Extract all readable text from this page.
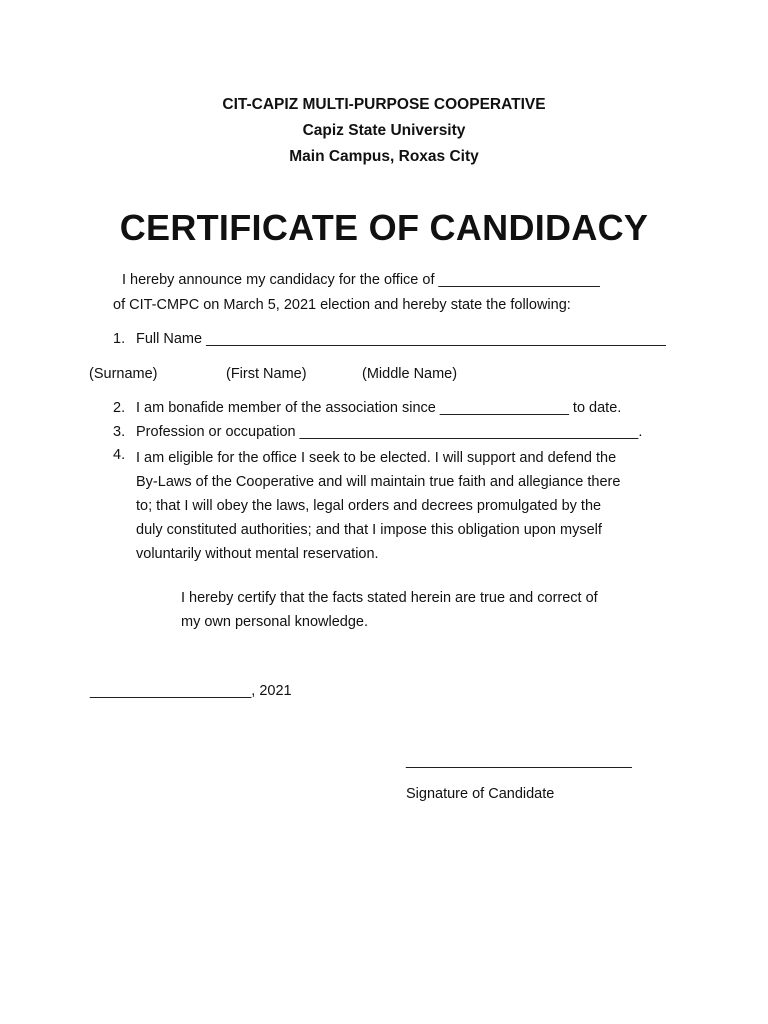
CIT-CAPIZ MULTI-PURPOSE COOPERATIVE
Capiz State University
Main Campus, Roxas City
CERTIFICATE OF CANDIDACY
I hereby announce my candidacy for the office of ____________________
of CIT-CMPC on March 5, 2021 election and hereby state the following:
1. Full Name _________________________________________________________
(Surname)	(First Name)	(Middle Name)
2. I am bonafide member of the association since ________________ to date.
3. Profession or occupation __________________________________________.
4. I am eligible for the office I seek to be elected. I will support and defend the
By-Laws of the Cooperative and will maintain true faith and allegiance there
to; that I will obey the laws, legal orders and decrees promulgated by the
duly constituted authorities; and that I impose this obligation upon myself
voluntarily without mental reservation.
I hereby certify that the facts stated herein are true and correct of
my own personal knowledge.
____________________, 2021
____________________________
Signature of Candidate
